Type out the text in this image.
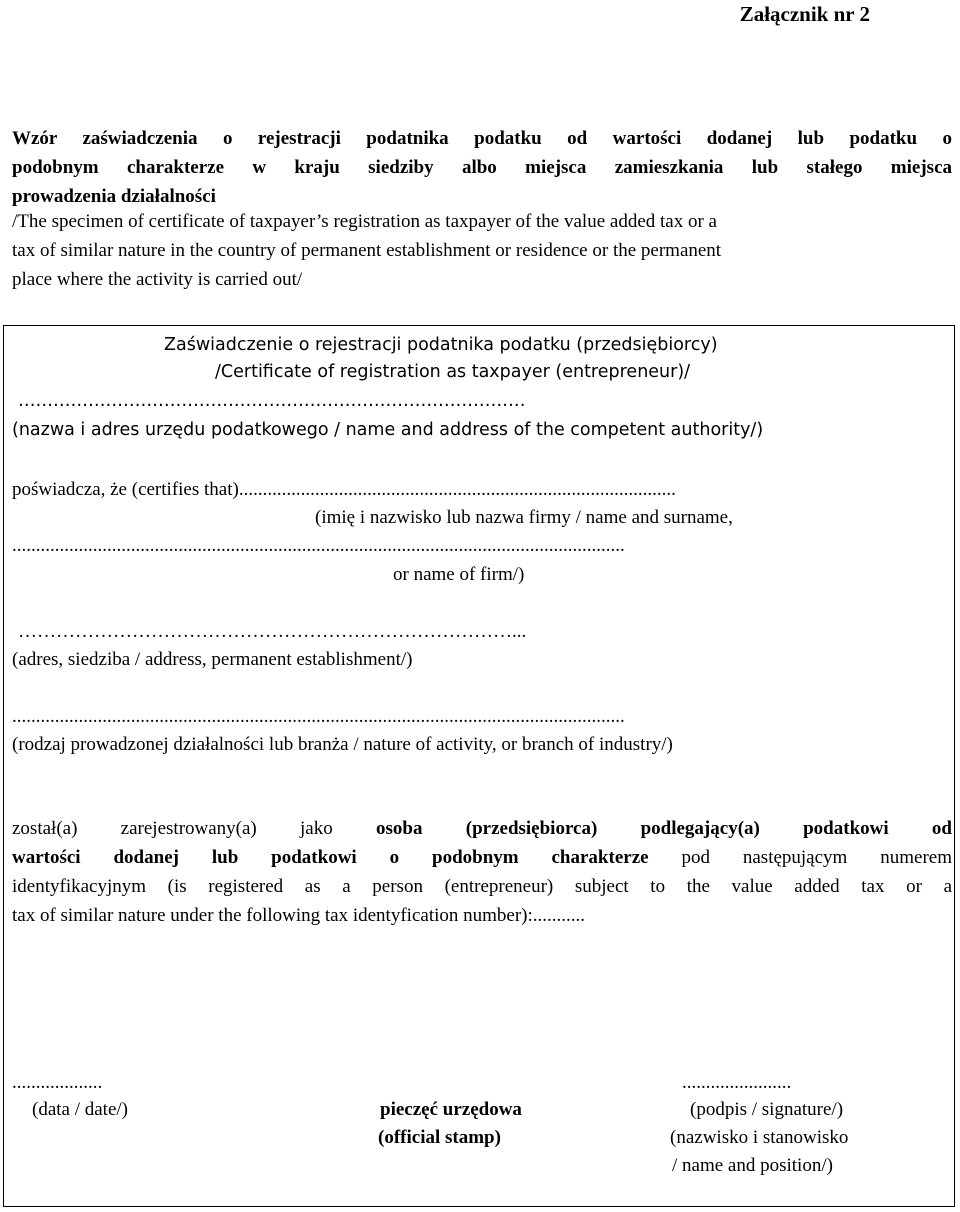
Załącznik nr 2
Wzór zaświadczenia o rejestracji podatnika podatku od wartości dodanej lub podatku o
podobnym charakterze w kraju siedziby albo miejsca zamieszkania lub stałego miejsca
prowadzenia działalności
/The specimen of certificate of taxpayer’s registration as taxpayer of the value added tax or a
tax of similar nature in the country of permanent establishment or residence or the permanent
place where the activity is carried out/
Zaświadczenie o rejestracji podatnika podatku (przedsiębiorcy)
/Certificate of registration as taxpayer (entrepreneur)/
……………………………………………………………………………
(nazwa i adres urzędu podatkowego / name and address of the competent authority/)
poświadcza, że (certifies that)............................................................................................
(imię i nazwisko lub nazwa firmy / name and surname,
.................................................................................................................................
or name of firm/)
……………………………………………………………………...
(adres, siedziba / address, permanent establishment/)
.................................................................................................................................
(rodzaj prowadzonej działalności lub branża / nature of activity, or branch of industry/)
został(a) zarejestrowany(a) jako osoba (przedsiębiorca) podlegający(a) podatkowi od
wartości dodanej lub podatkowi o podobnym charakterze pod następującym numerem
identyfikacyjnym (is registered as a person (entrepreneur) subject to the value added tax or a
tax of similar nature under the following tax identyfication number):...........
...................
(data / date/)	pieczęć urzędowa
(official stamp)
.......................
(podpis / signature/)
(nazwisko i stanowisko
/ name and position/)
